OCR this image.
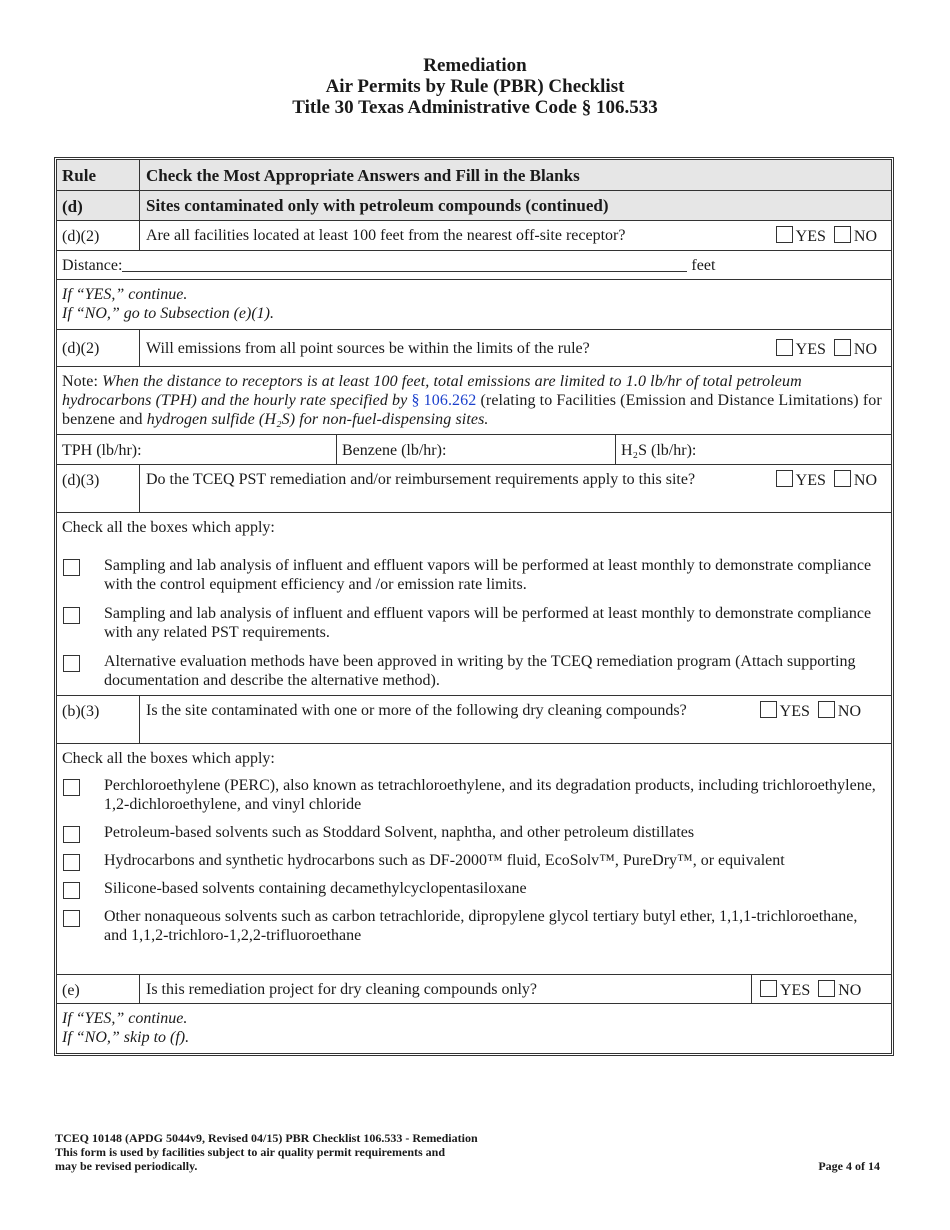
Remediation
Air Permits by Rule (PBR) Checklist
Title 30 Texas Administrative Code § 106.533
Rule	Check the Most Appropriate Answers and Fill in the Blanks
(d)	Sites contaminated only with petroleum compounds (continued)
(d)(2)	Are all facilities located at least 100 feet from the nearest off-site receptor?	YES NO
Distance:	feet
If “YES,” continue.
If “NO,” go to Subsection (e)(1).
(d)(2)	Will emissions from all point sources be within the limits of the rule?	YES NO
Note: When the distance to receptors is at least 100 feet, total emissions are limited to 1.0 lb/hr of total petroleum hydrocarbons (TPH) and the hourly rate specified by § 106.262 (relating to Facilities (Emission and Distance Limitations) for benzene and hydrogen sulfide (H₂S) for non-fuel-dispensing sites.
TPH (lb/hr):	Benzene (lb/hr):	H₂S (lb/hr):
(d)(3)	Do the TCEQ PST remediation and/or reimbursement requirements apply to this site?	YES NO
Check all the boxes which apply:
Sampling and lab analysis of influent and effluent vapors will be performed at least monthly to demonstrate compliance with the control equipment efficiency and /or emission rate limits.
Sampling and lab analysis of influent and effluent vapors will be performed at least monthly to demonstrate compliance with any related PST requirements.
Alternative evaluation methods have been approved in writing by the TCEQ remediation program (Attach supporting documentation and describe the alternative method).
(b)(3)	Is the site contaminated with one or more of the following dry cleaning compounds?	YES NO
Check all the boxes which apply:
Perchloroethylene (PERC), also known as tetrachloroethylene, and its degradation products, including trichloroethylene, 1,2-dichloroethylene, and vinyl chloride
Petroleum-based solvents such as Stoddard Solvent, naphtha, and other petroleum distillates
Hydrocarbons and synthetic hydrocarbons such as DF-2000™ fluid, EcoSolv™, PureDry™, or equivalent
Silicone-based solvents containing decamethylcyclopentasiloxane
Other nonaqueous solvents such as carbon tetrachloride, dipropylene glycol tertiary butyl ether, 1,1,1-trichloroethane, and 1,1,2-trichloro-1,2,2-trifluoroethane
(e)	Is this remediation project for dry cleaning compounds only?	YES NO
If “YES,” continue.
If “NO,” skip to (f).
TCEQ 10148 (APDG 5044v9, Revised 04/15) PBR Checklist 106.533 - Remediation
This form is used by facilities subject to air quality permit requirements and
may be revised periodically.	Page 4 of 14
